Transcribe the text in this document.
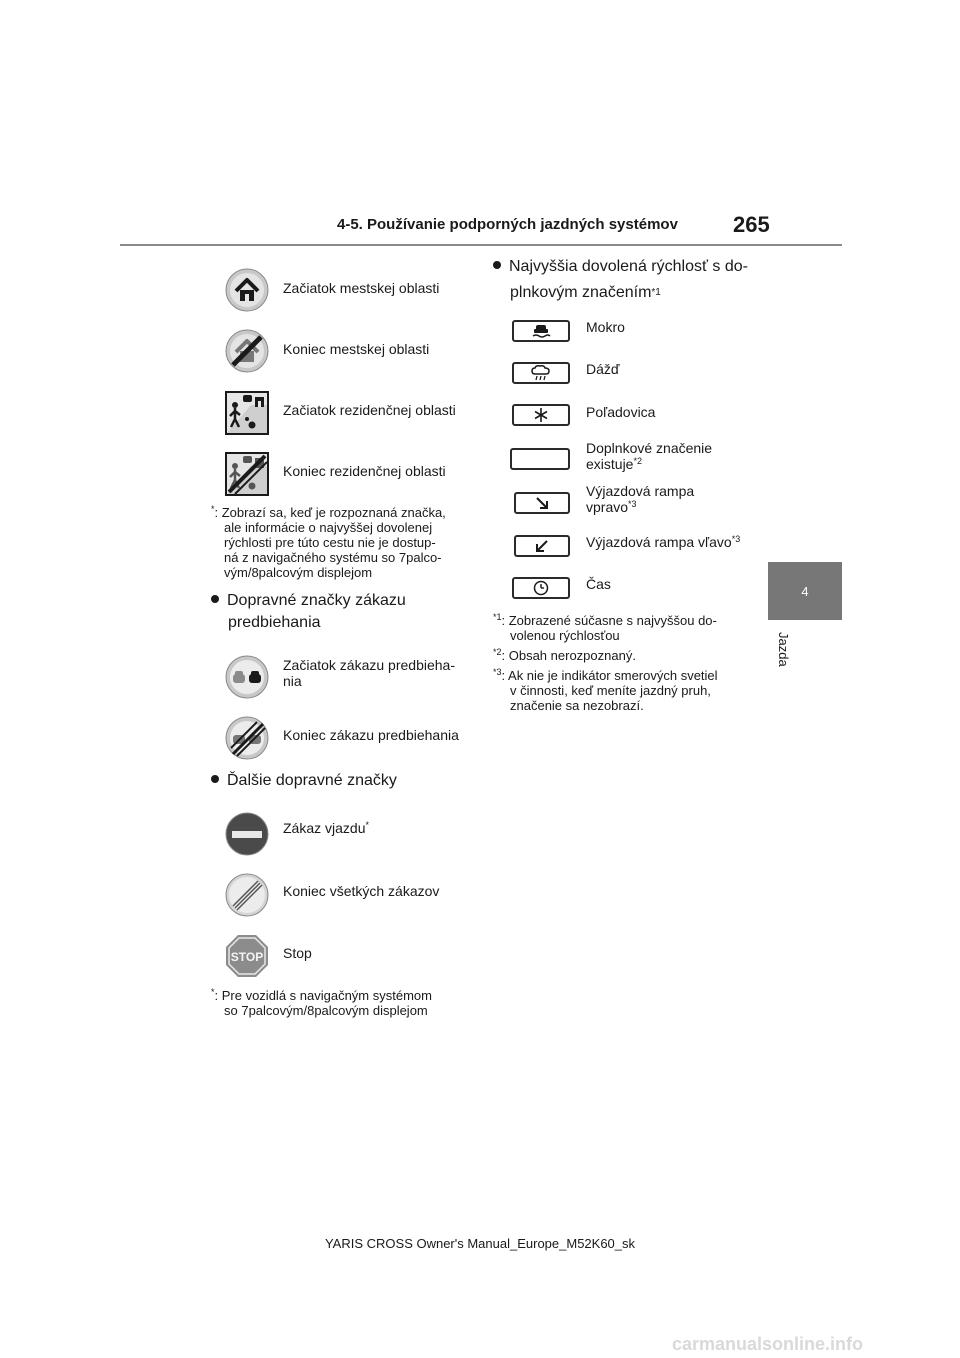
4-5. Používanie podporných jazdných systémov	265
4
Jazda
Začiatok mestskej oblasti
Koniec mestskej oblasti
Začiatok rezidenčnej oblasti
Koniec rezidenčnej oblasti
*: Zobrazí sa, keď je rozpoznaná značka,
ale informácie o najvyššej dovolenej
rýchlosti pre túto cestu nie je dostup-
ná z navigačného systému so 7palco-
vým/8palcovým displejom
Dopravné značky zákazu
predbiehania
Začiatok zákazu predbieha-
nia
Koniec zákazu predbiehania
Ďalšie dopravné značky
Zákaz vjazdu*
Koniec všetkých zákazov
STOP Stop
*: Pre vozidlá s navigačným systémom
so 7palcovým/8palcovým displejom
Najvyššia dovolená rýchlosť s do-
plnkovým značením$^{*1}$
Mokro
Dážď
Poľadovica
Doplnkové značenie
existuje$^{*2}$
Výjazdová rampa
vpravo$^{*3}$
Výjazdová rampa vľavo$^{*3}$
Čas
$^{*1}$: Zobrazené súčasne s najvyššou do-
volenou rýchlosťou
$^{*2}$: Obsah nerozpoznaný.
$^{*3}$: Ak nie je indikátor smerových svetiel
v činnosti, keď meníte jazdný pruh,
značenie sa nezobrazí.
YARIS CROSS Owner's Manual_Europe_M52K60_sk
carmanualsonline.info
